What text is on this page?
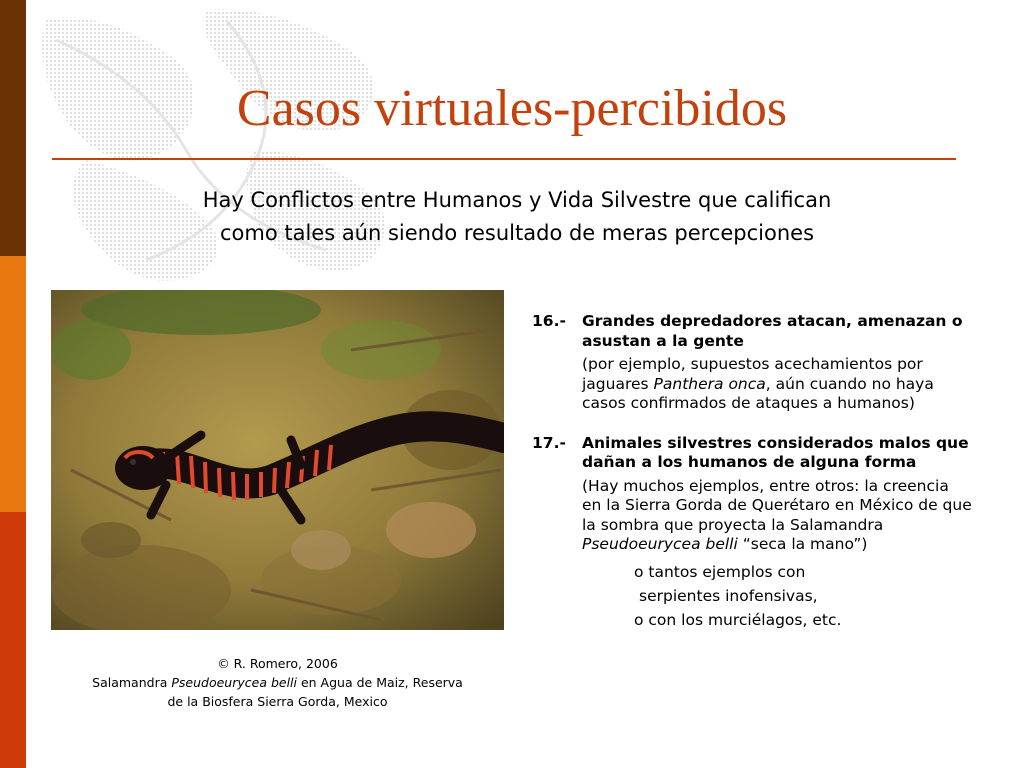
Casos virtuales-percibidos

Hay Conflictos entre Humanos y Vida Silvestre que califican
como tales aún siendo resultado de meras percepciones

© R. Romero, 2006
Salamandra Pseudoeurycea belli en Agua de Maiz, Reserva
de la Biosfera Sierra Gorda, Mexico
16.-	Grandes depredadores atacan, amenazan o asustan a la gente
(por ejemplo, supuestos acechamientos por jaguares Panthera onca, aún cuando no haya casos confirmados de ataques a humanos)
17.-	Animales silvestres considerados malos que dañan a los humanos de alguna forma
(Hay muchos ejemplos, entre otros: la creencia en la Sierra Gorda de Querétaro en México de que la sombra que proyecta la Salamandra Pseudoeurycea belli “seca la mano”)
o tantos ejemplos con
serpientes inofensivas,
o con los murciélagos, etc.
